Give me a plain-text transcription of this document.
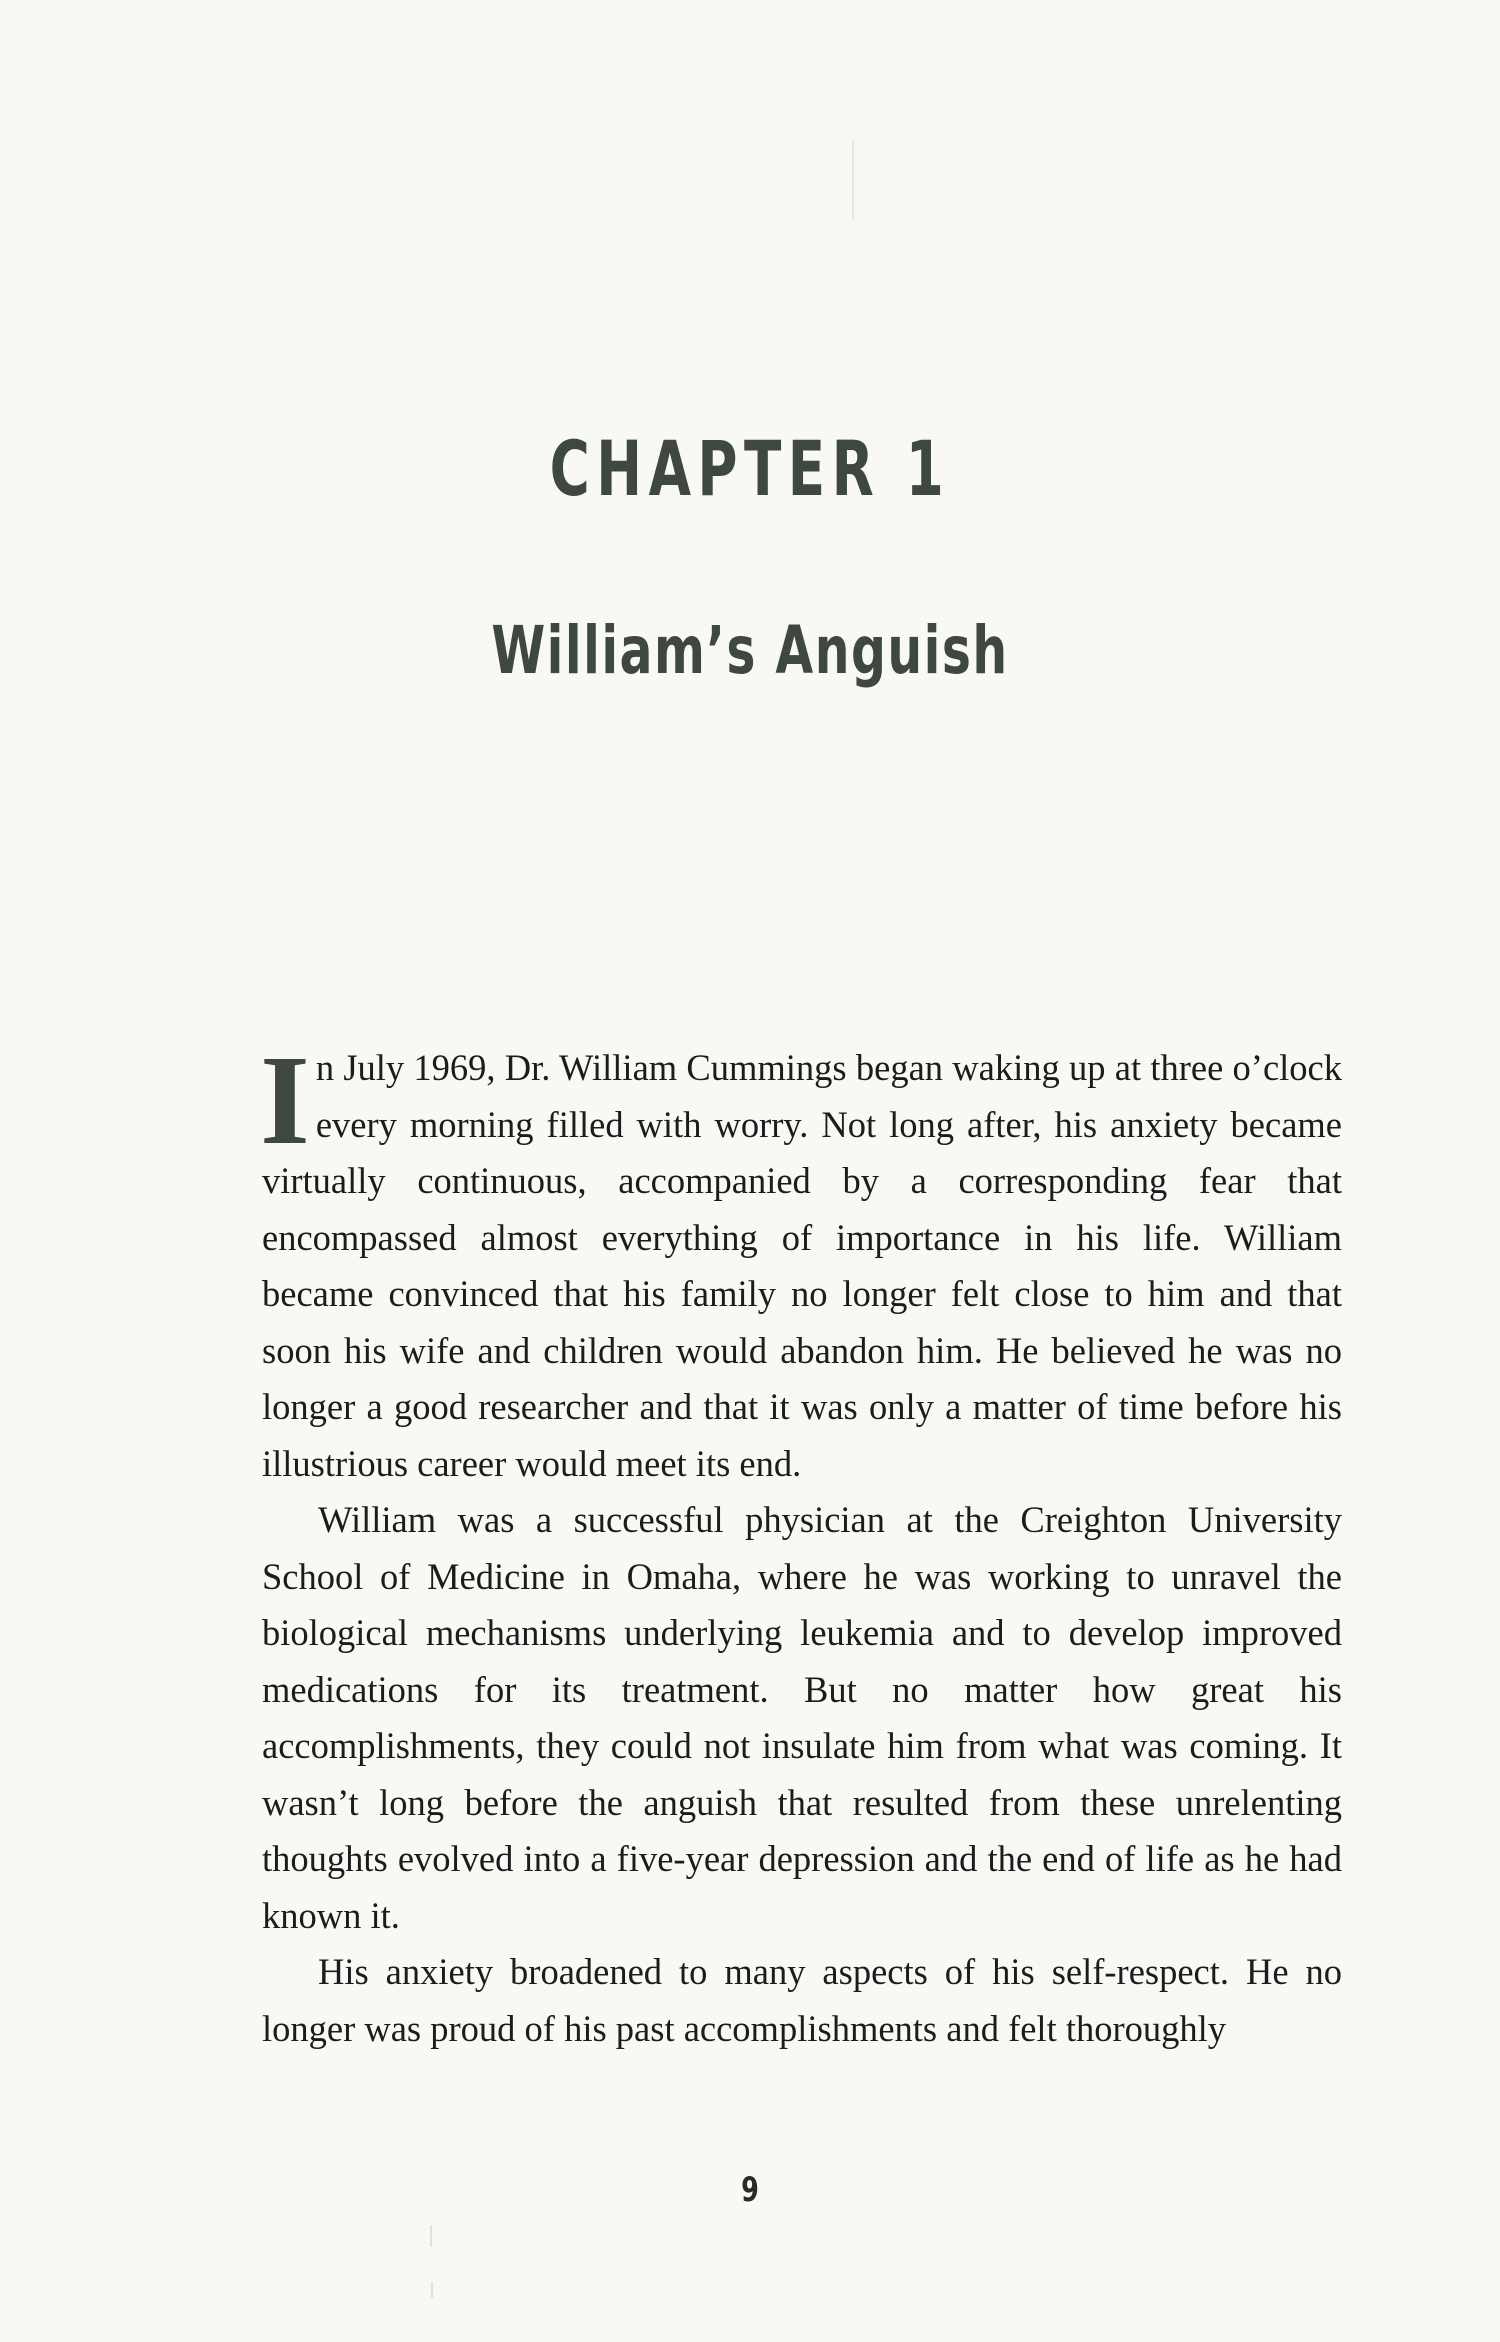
CHAPTER 1
William’s Anguish

In July 1969, Dr. William Cummings began waking up at three o’clock every morning filled with worry. Not long after, his anxiety became virtually continuous, accompanied by a corresponding fear that encompassed almost everything of importance in his life. William became convinced that his family no longer felt close to him and that soon his wife and children would abandon him. He believed he was no longer a good researcher and that it was only a matter of time before his illustrious career would meet its end.

William was a successful physician at the Creighton University School of Medicine in Omaha, where he was working to unravel the biological mechanisms underlying leukemia and to develop improved medications for its treatment. But no matter how great his accomplishments, they could not insulate him from what was coming. It wasn’t long before the anguish that resulted from these unrelenting thoughts evolved into a five-year depression and the end of life as he had known it.

His anxiety broadened to many aspects of his self-respect. He no longer was proud of his past accomplishments and felt thoroughly

9
